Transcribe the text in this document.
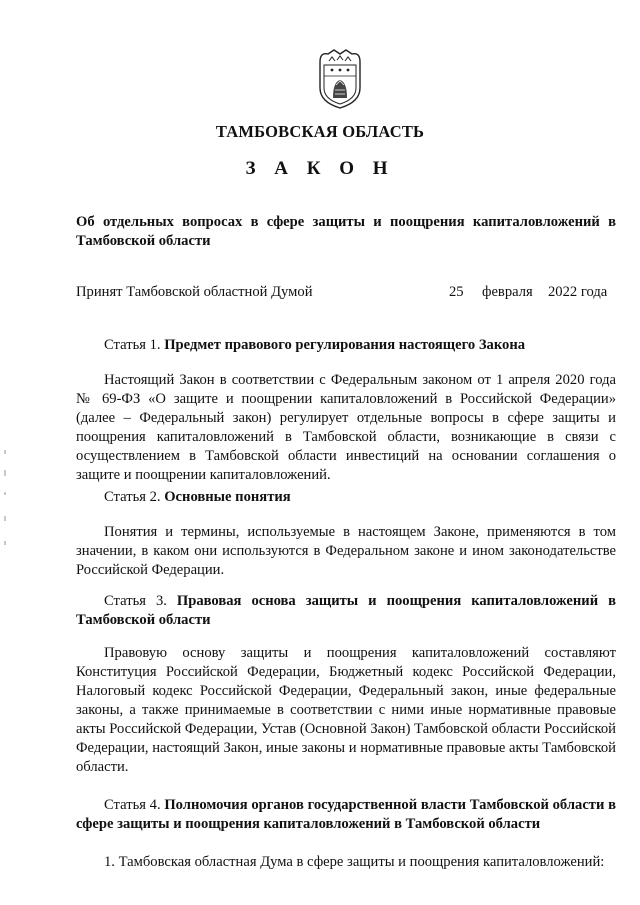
ТАМБОВСКАЯ ОБЛАСТЬ
З А К О Н
Об отдельных вопросах в сфере защиты и поощрения капиталовложений в Тамбовской области
Принят Тамбовской областной Думой	25 февраля 2022 года
Статья 1. Предмет правового регулирования настоящего Закона
Настоящий Закон в соответствии с Федеральным законом от 1 апреля 2020 года № 69-ФЗ «О защите и поощрении капиталовложений в Российской Федерации» (далее – Федеральный закон) регулирует отдельные вопросы в сфере защиты и поощрения капиталовложений в Тамбовской области, возникающие в связи с осуществлением в Тамбовской области инвестиций на основании соглашения о защите и поощрении капиталовложений.
Статья 2. Основные понятия
Понятия и термины, используемые в настоящем Законе, применяются в том значении, в каком они используются в Федеральном законе и ином законодательстве Российской Федерации.
Статья 3. Правовая основа защиты и поощрения капиталовложений в Тамбовской области
Правовую основу защиты и поощрения капиталовложений составляют Конституция Российской Федерации, Бюджетный кодекс Российской Федерации, Налоговый кодекс Российской Федерации, Федеральный закон, иные федеральные законы, а также принимаемые в соответствии с ними иные нормативные правовые акты Российской Федерации, Устав (Основной Закон) Тамбовской области Российской Федерации, настоящий Закон, иные законы и нормативные правовые акты Тамбовской области.
Статья 4. Полномочия органов государственной власти Тамбовской области в сфере защиты и поощрения капиталовложений в Тамбовской области
1. Тамбовская областная Дума в сфере защиты и поощрения капиталовложений:
